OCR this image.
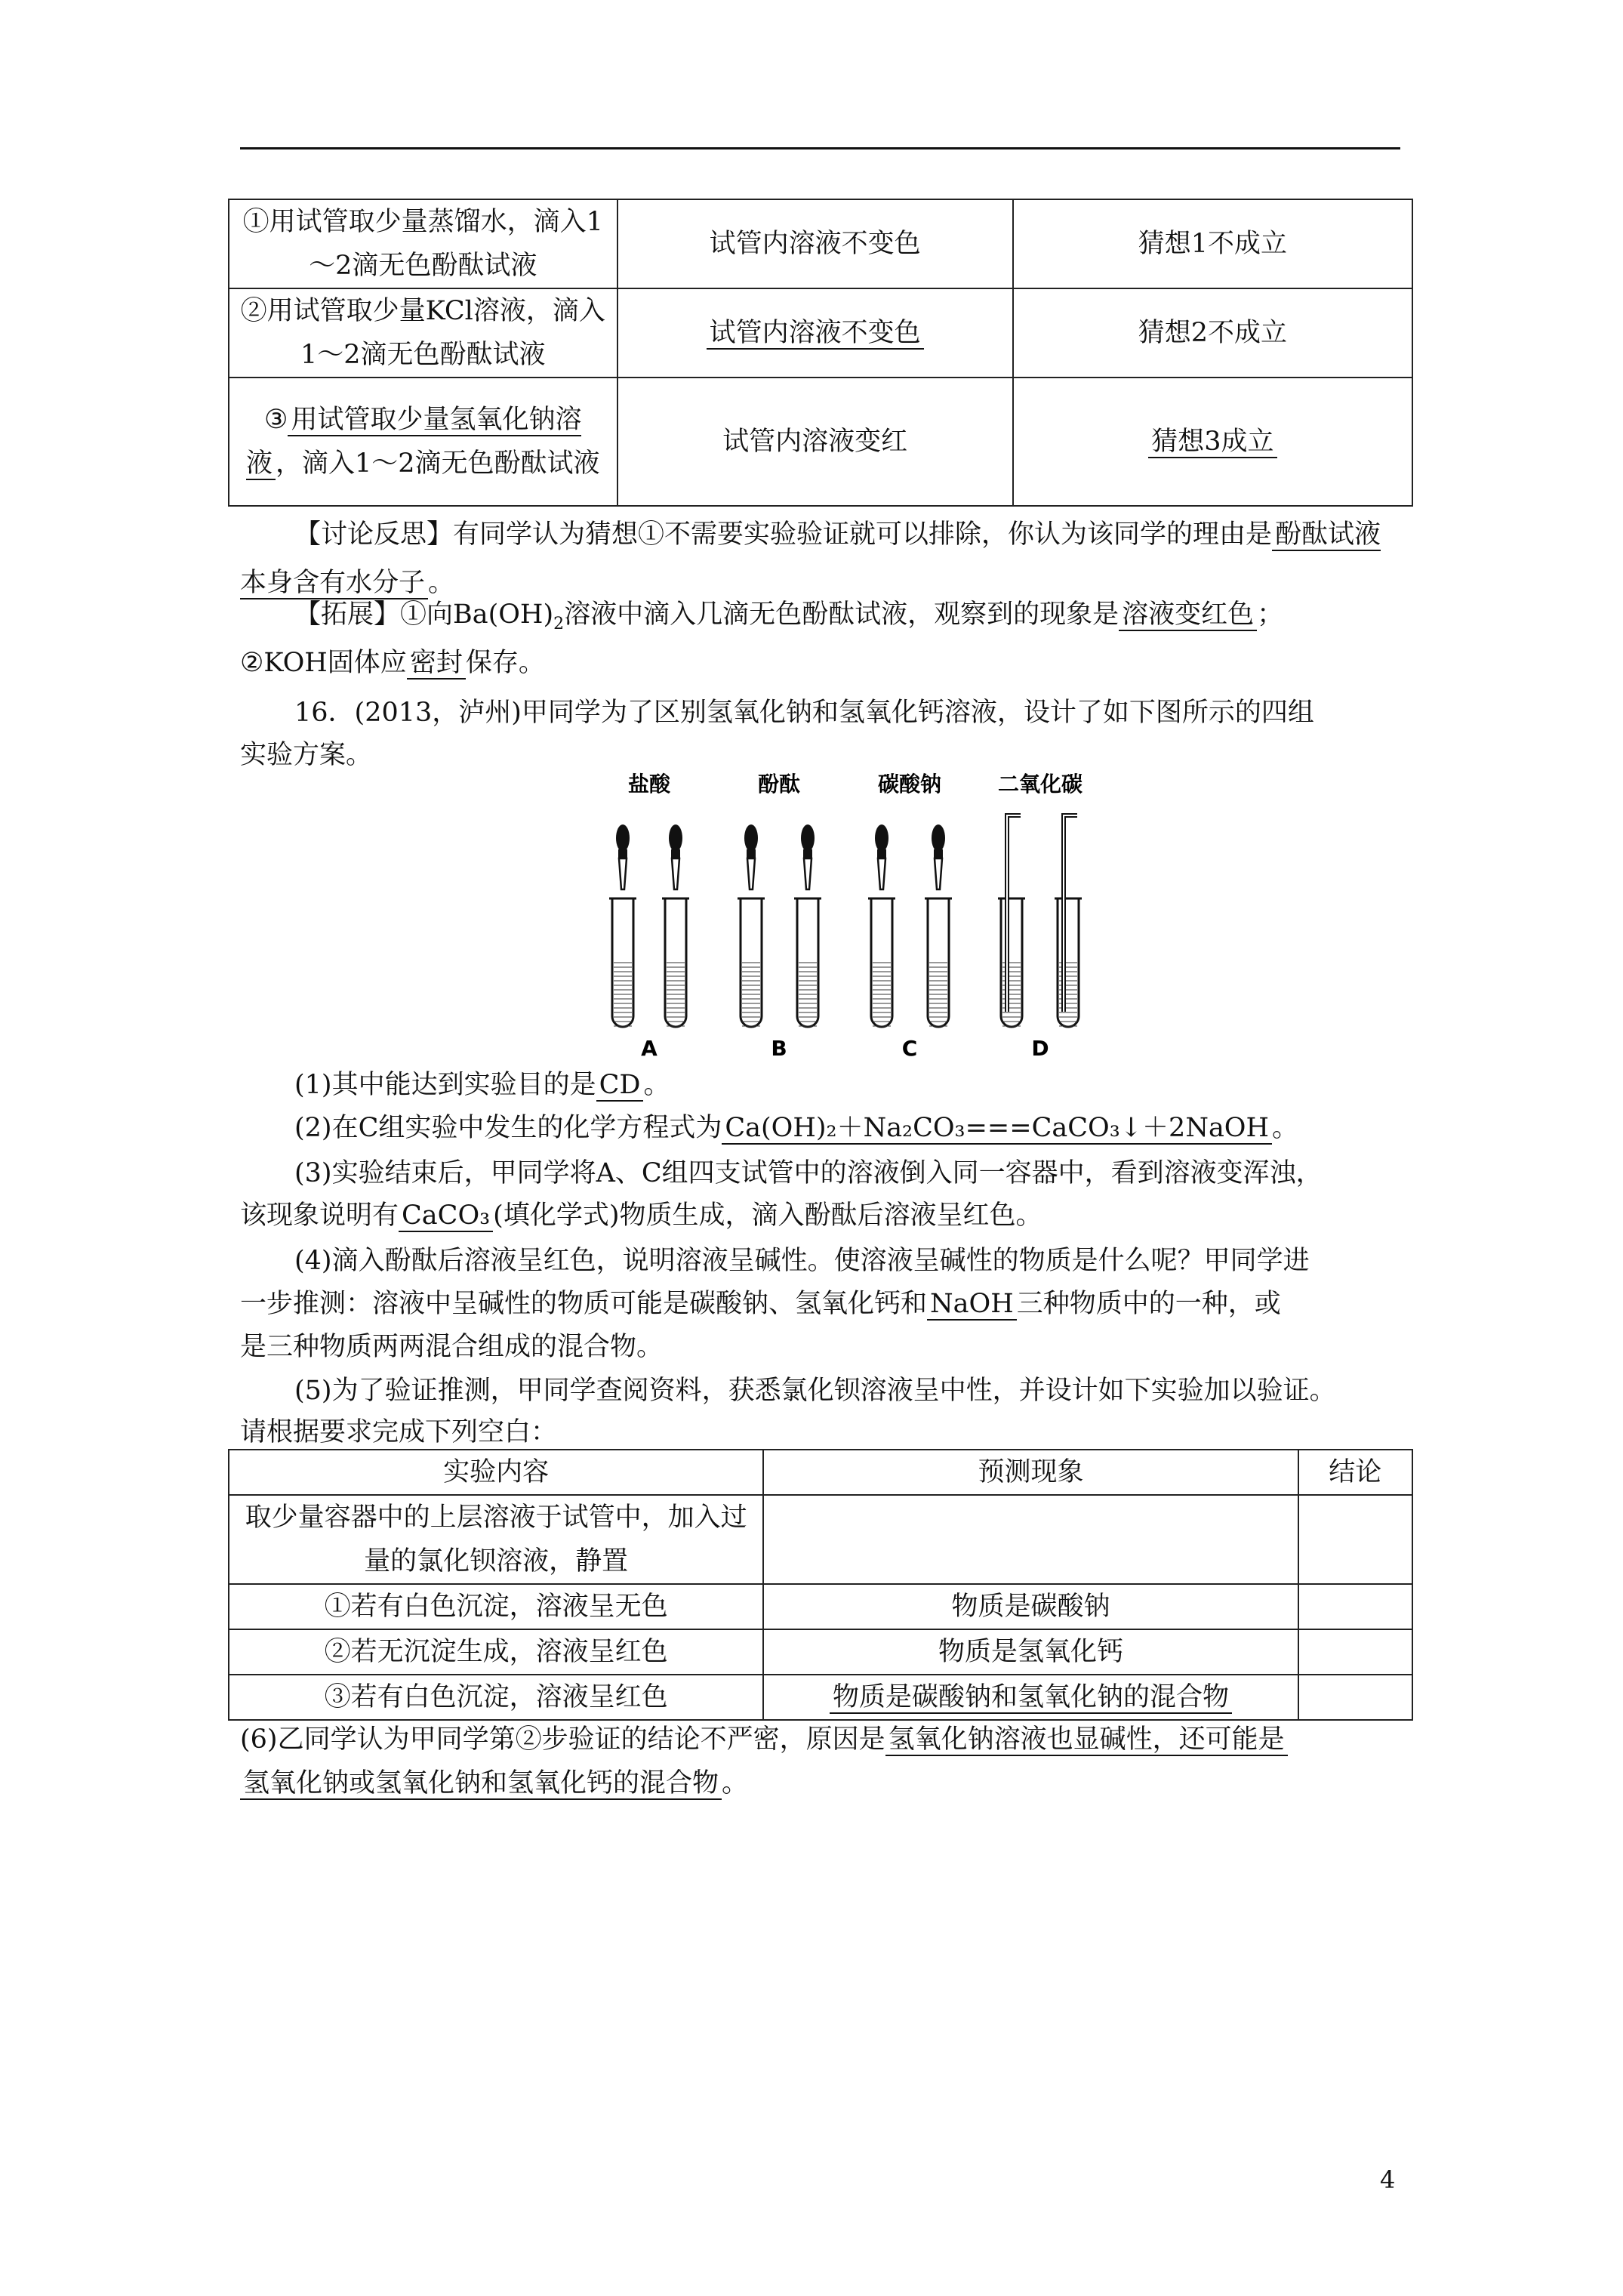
①用试管取少量蒸馏水，滴入1～2滴无色酚酞试液	试管内溶液不变色	猜想1不成立
②用试管取少量KCl溶液，滴入1～2滴无色酚酞试液	试管内溶液不变色	猜想2不成立
③ 用试管取少量氢氧化钠溶液 ，滴入1～2滴无色酚酞试液	试管内溶液变红	猜想3成立
【讨论反思】有同学认为猜想①不需要实验验证就可以排除，你认为该同学的理由是 酚酞试液本身含有水分子 。
【拓展】①向$Ba(OH)_2$溶液中滴入几滴无色酚酞试液，观察到的现象是 溶液变红色 ；
②KOH固体应 密封 保存。
16．(2013，泸州)甲同学为了区别氢氧化钠和氢氧化钙溶液，设计了如下图所示的四组
实验方案。
盐酸	酚酞	碳酸钠	二氧化碳
A	B	C	D
(1)其中能达到实验目的是 CD 。
(2)在C组实验中发生的化学方程式为 Ca(OH)₂＋Na₂CO₃===CaCO₃↓＋2NaOH 。
(3)实验结束后，甲同学将A、C组四支试管中的溶液倒入同一容器中，看到溶液变浑浊，
该现象说明有 CaCO₃ (填化学式)物质生成，滴入酚酞后溶液呈红色。
(4)滴入酚酞后溶液呈红色，说明溶液呈碱性。使溶液呈碱性的物质是什么呢？甲同学进
一步推测：溶液中呈碱性的物质可能是碳酸钠、氢氧化钙和 NaOH 三种物质中的一种，或
是三种物质两两混合组成的混合物。
(5)为了验证推测，甲同学查阅资料，获悉氯化钡溶液呈中性，并设计如下实验加以验证。
请根据要求完成下列空白：
实验内容	预测现象	结论
取少量容器中的上层溶液于试管中，加入过量的氯化钡溶液，静置		
①若有白色沉淀，溶液呈无色	物质是碳酸钠	
②若无沉淀生成，溶液呈红色	物质是氢氧化钙	
③若有白色沉淀，溶液呈红色	物质是碳酸钠和氢氧化钠的混合物	
(6)乙同学认为甲同学第②步验证的结论不严密，原因是 氢氧化钠溶液也显碱性，还可能是
氢氧化钠或氢氧化钠和氢氧化钙的混合物 。
4
